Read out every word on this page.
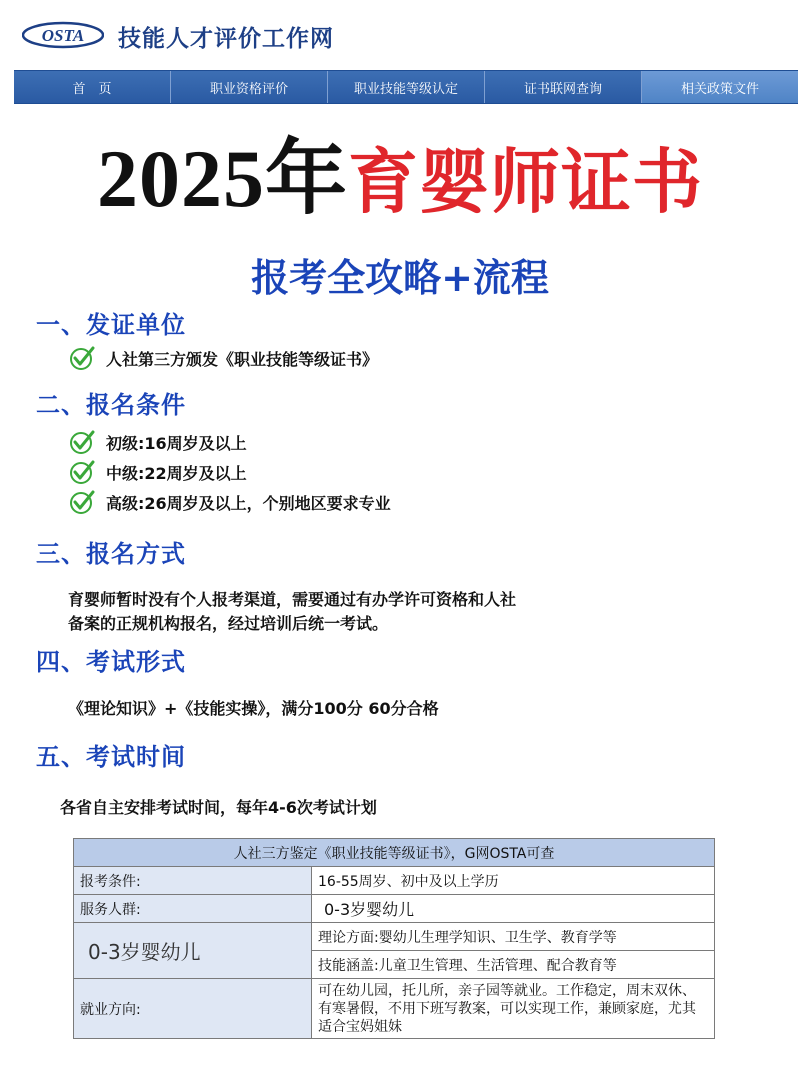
OSTA 技能人才评价工作网
首　页	职业资格评价	职业技能等级认定	证书联网查询	相关政策文件
2025年育婴师证书
报考全攻略+流程
一、发证单位
人社第三方颁发《职业技能等级证书》
二、报名条件
初级:16周岁及以上
中级:22周岁及以上
高级:26周岁及以上，个别地区要求专业
三、报名方式
育婴师暂时没有个人报考渠道，需要通过有办学许可资格和人社
备案的正规机构报名，经过培训后统一考试。
四、考试形式
《理论知识》+《技能实操》，满分100分 60分合格
五、考试时间
各省自主安排考试时间，每年4-6次考试计划
人社三方鉴定《职业技能等级证书》，G网OSTA可查	
报考条件:	16-55周岁、初中及以上学历
服务人群:	0-3岁婴幼儿
0-3岁婴幼儿	理论方面:婴幼儿生理学知识、卫生学、教育学等
	技能涵盖:儿童卫生管理、生活管理、配合教育等
就业方向:	可在幼儿园，托儿所，亲子园等就业。工作稳定，周末双休、有寒暑假，不用下班写教案，可以实现工作，兼顾家庭，尤其适合宝妈姐妹
